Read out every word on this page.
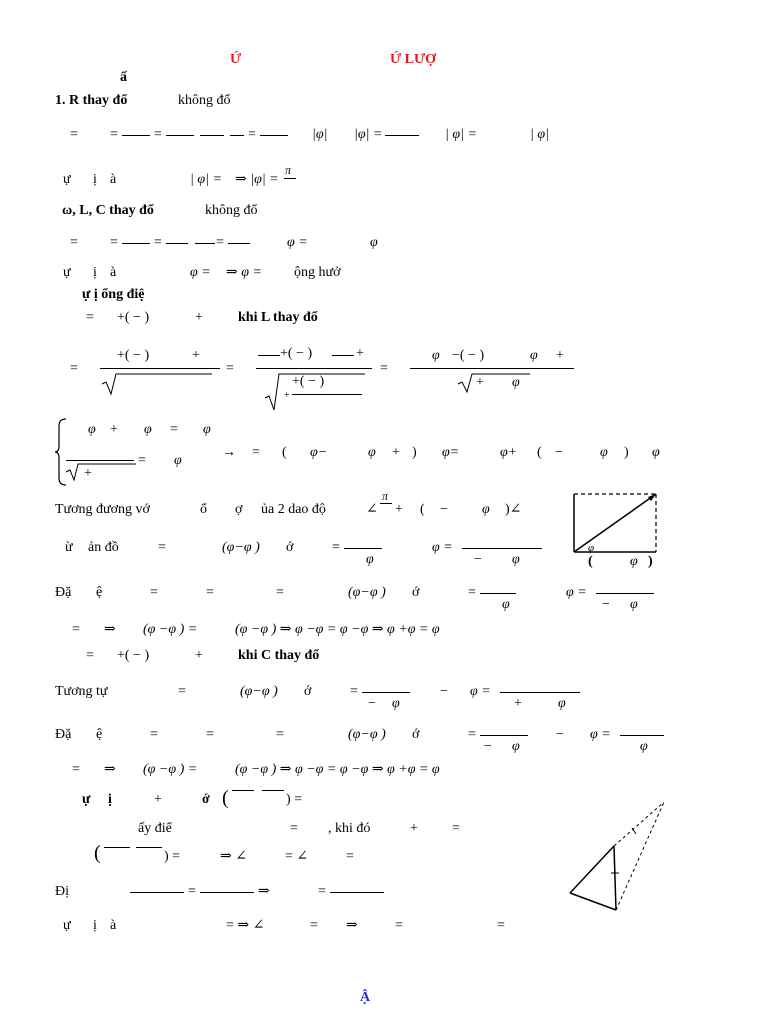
Ứ	Ứ LƯỢ
ấ
1. R thay đổ	không đổ
= =	=	=	|φ| |φ| =	| φ| =	| φ|
ự ị à	| φ| = ⇒ |φ| =
π
ω, L, C thay đổ	không đổ
= =	=	=	φ =	φ
ự ị à	φ = ⇒ φ = ộng hưở
ự ị ổng điệ
= +( − )	+	khi L thay đổ
=
+( − )	+
=
+( − )	+
+( − )
+
=
φ −( − )	φ +
+ φ
φ + φ = φ
+
= φ
→ = ( φ−	φ + ) φ=	φ+ ( −	φ ) φ
Tương đương vớ	ổ ợ ủa 2 dao độ	∠
π
+ ( − φ )∠
φ
(	φ )
ừ ản đồ	=	(φ−φ ) ớ	=
φ
φ =
− φ
Đặ ệ	=	=	=	(φ−φ ) ớ	=
φ
φ =
− φ
= ⇒ (φ −φ ) =	(φ −φ ) ⇒ φ −φ = φ −φ ⇒ φ +φ = φ
= +( − )	+	khi C thay đổ
Tương tự	=	(φ−φ ) ớ	=
− φ
− φ =
+	φ
Đặ ệ	=	=	=	(φ−φ ) ớ	=
− φ
− φ =
φ
= ⇒ (φ −φ ) =	(φ −φ ) ⇒ φ −φ = φ −φ ⇒ φ +φ = φ
ự ị	+	ớ (	) =
ấy điể	= , khi đó	+ =
(	) =	⇒ ∠	= ∠	=
Đị	=	⇒	=
ự ị à	= ⇒ ∠	= ⇒	=	=
Ậ
